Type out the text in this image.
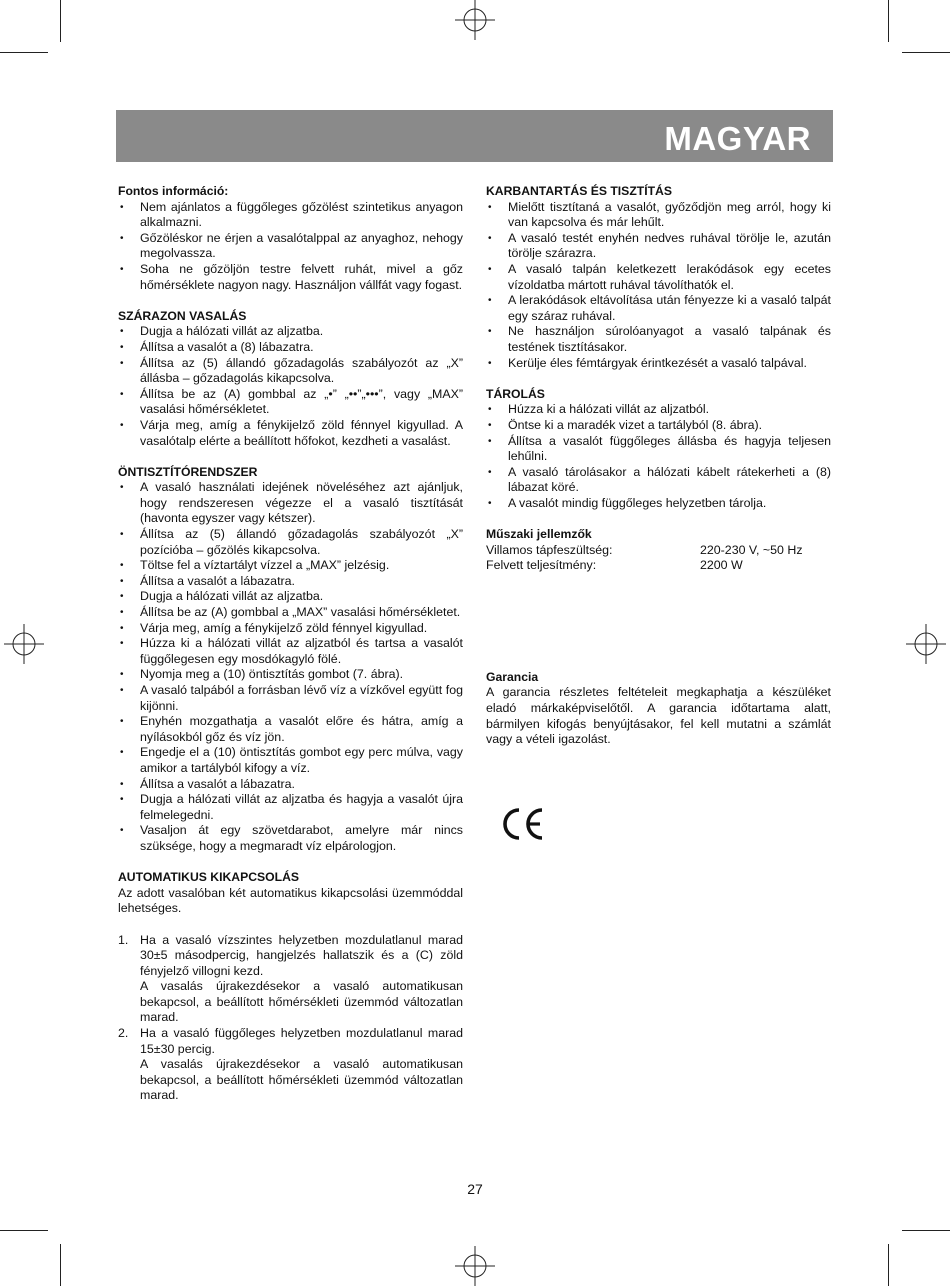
MAGYAR
Fontos információ:
• Nem ajánlatos a függőleges gőzölést szintetikus anyagon alkalmazni.
• Gőzöléskor ne érjen a vasalótalppal az anyaghoz, nehogy megolvassza.
• Soha ne gőzöljön testre felvett ruhát, mivel a gőz hőmérséklete nagyon nagy. Használjon vállfát vagy fogast.
SZÁRAZON VASALÁS
• Dugja a hálózati villát az aljzatba.
• Állítsa a vasalót a (8) lábazatra.
• Állítsa az (5) állandó gőzadagolás szabályozót az „X” állásba – gőzadagolás kikapcsolva.
• Állítsa be az (A) gombbal az „•” „••”„•••”, vagy „MAX” vasalási hőmérsékletet.
• Várja meg, amíg a fénykijelző zöld fénnyel kigyullad. A vasalótalp elérte a beállított hőfokot, kezdheti a vasalást.
ÖNTISZTÍTÓRENDSZER
• A vasaló használati idejének növeléséhez azt ajánljuk, hogy rendszeresen végezze el a vasaló tisztítását (havonta egyszer vagy kétszer).
• Állítsa az (5) állandó gőzadagolás szabályozót „X” pozícióba – gőzölés kikapcsolva.
• Töltse fel a víztartályt vízzel a „MAX” jelzésig.
• Állítsa a vasalót a lábazatra.
• Dugja a hálózati villát az aljzatba.
• Állítsa be az (A) gombbal a „MAX” vasalási hőmérsékletet.
• Várja meg, amíg a fénykijelző zöld fénnyel kigyullad.
• Húzza ki a hálózati villát az aljzatból és tartsa a vasalót függőlegesen egy mosdókagyló fölé.
• Nyomja meg a (10) öntisztítás gombot (7. ábra).
• A vasaló talpából a forrásban lévő víz a vízkővel együtt fog kijönni.
• Enyhén mozgathatja a vasalót előre és hátra, amíg a nyílásokból gőz és víz jön.
• Engedje el a (10) öntisztítás gombot egy perc múlva, vagy amikor a tartályból kifogy a víz.
• Állítsa a vasalót a lábazatra.
• Dugja a hálózati villát az aljzatba és hagyja a vasalót újra felmelegedni.
• Vasaljon át egy szövetdarabot, amelyre már nincs szüksége, hogy a megmaradt víz elpárologjon.
AUTOMATIKUS KIKAPCSOLÁS
Az adott vasalóban két automatikus kikapcsolási üzemmóddal lehetséges.
1. Ha a vasaló vízszintes helyzetben mozdulatlanul marad 30±5 másodpercig, hangjelzés hallatszik és a (C) zöld fényjelző villogni kezd.
A vasalás újrakezdésekor a vasaló automatikusan bekapcsol, a beállított hőmérsékleti üzemmód változatlan marad.
2. Ha a vasaló függőleges helyzetben mozdulatlanul marad 15±30 percig.
A vasalás újrakezdésekor a vasaló automatikusan bekapcsol, a beállított hőmérsékleti üzemmód változatlan marad.
KARBANTARTÁS ÉS TISZTÍTÁS
• Mielőtt tisztítaná a vasalót, győződjön meg arról, hogy ki van kapcsolva és már lehűlt.
• A vasaló testét enyhén nedves ruhával törölje le, azután törölje szárazra.
• A vasaló talpán keletkezett lerakódások egy ecetes vízoldatba mártott ruhával távolíthatók el.
• A lerakódások eltávolítása után fényezze ki a vasaló talpát egy száraz ruhával.
• Ne használjon súrolóanyagot a vasaló talpának és testének tisztításakor.
• Kerülje éles fémtárgyak érintkezését a vasaló talpával.
TÁROLÁS
• Húzza ki a hálózati villát az aljzatból.
• Öntse ki a maradék vizet a tartályból (8. ábra).
• Állítsa a vasalót függőleges állásba és hagyja teljesen lehűlni.
• A vasaló tárolásakor a hálózati kábelt rátekerheti a (8) lábazat köré.
• A vasalót mindig függőleges helyzetben tárolja.
Műszaki jellemzők
Villamos tápfeszültség:	220-230 V, ~50 Hz
Felvett teljesítmény:	2200 W
Garancia
A garancia részletes feltételeit megkaphatja a készüléket eladó márkaképviselőtől. A garancia időtartama alatt, bármilyen kifogás benyújtásakor, fel kell mutatni a számlát vagy a vételi igazolást.
27
